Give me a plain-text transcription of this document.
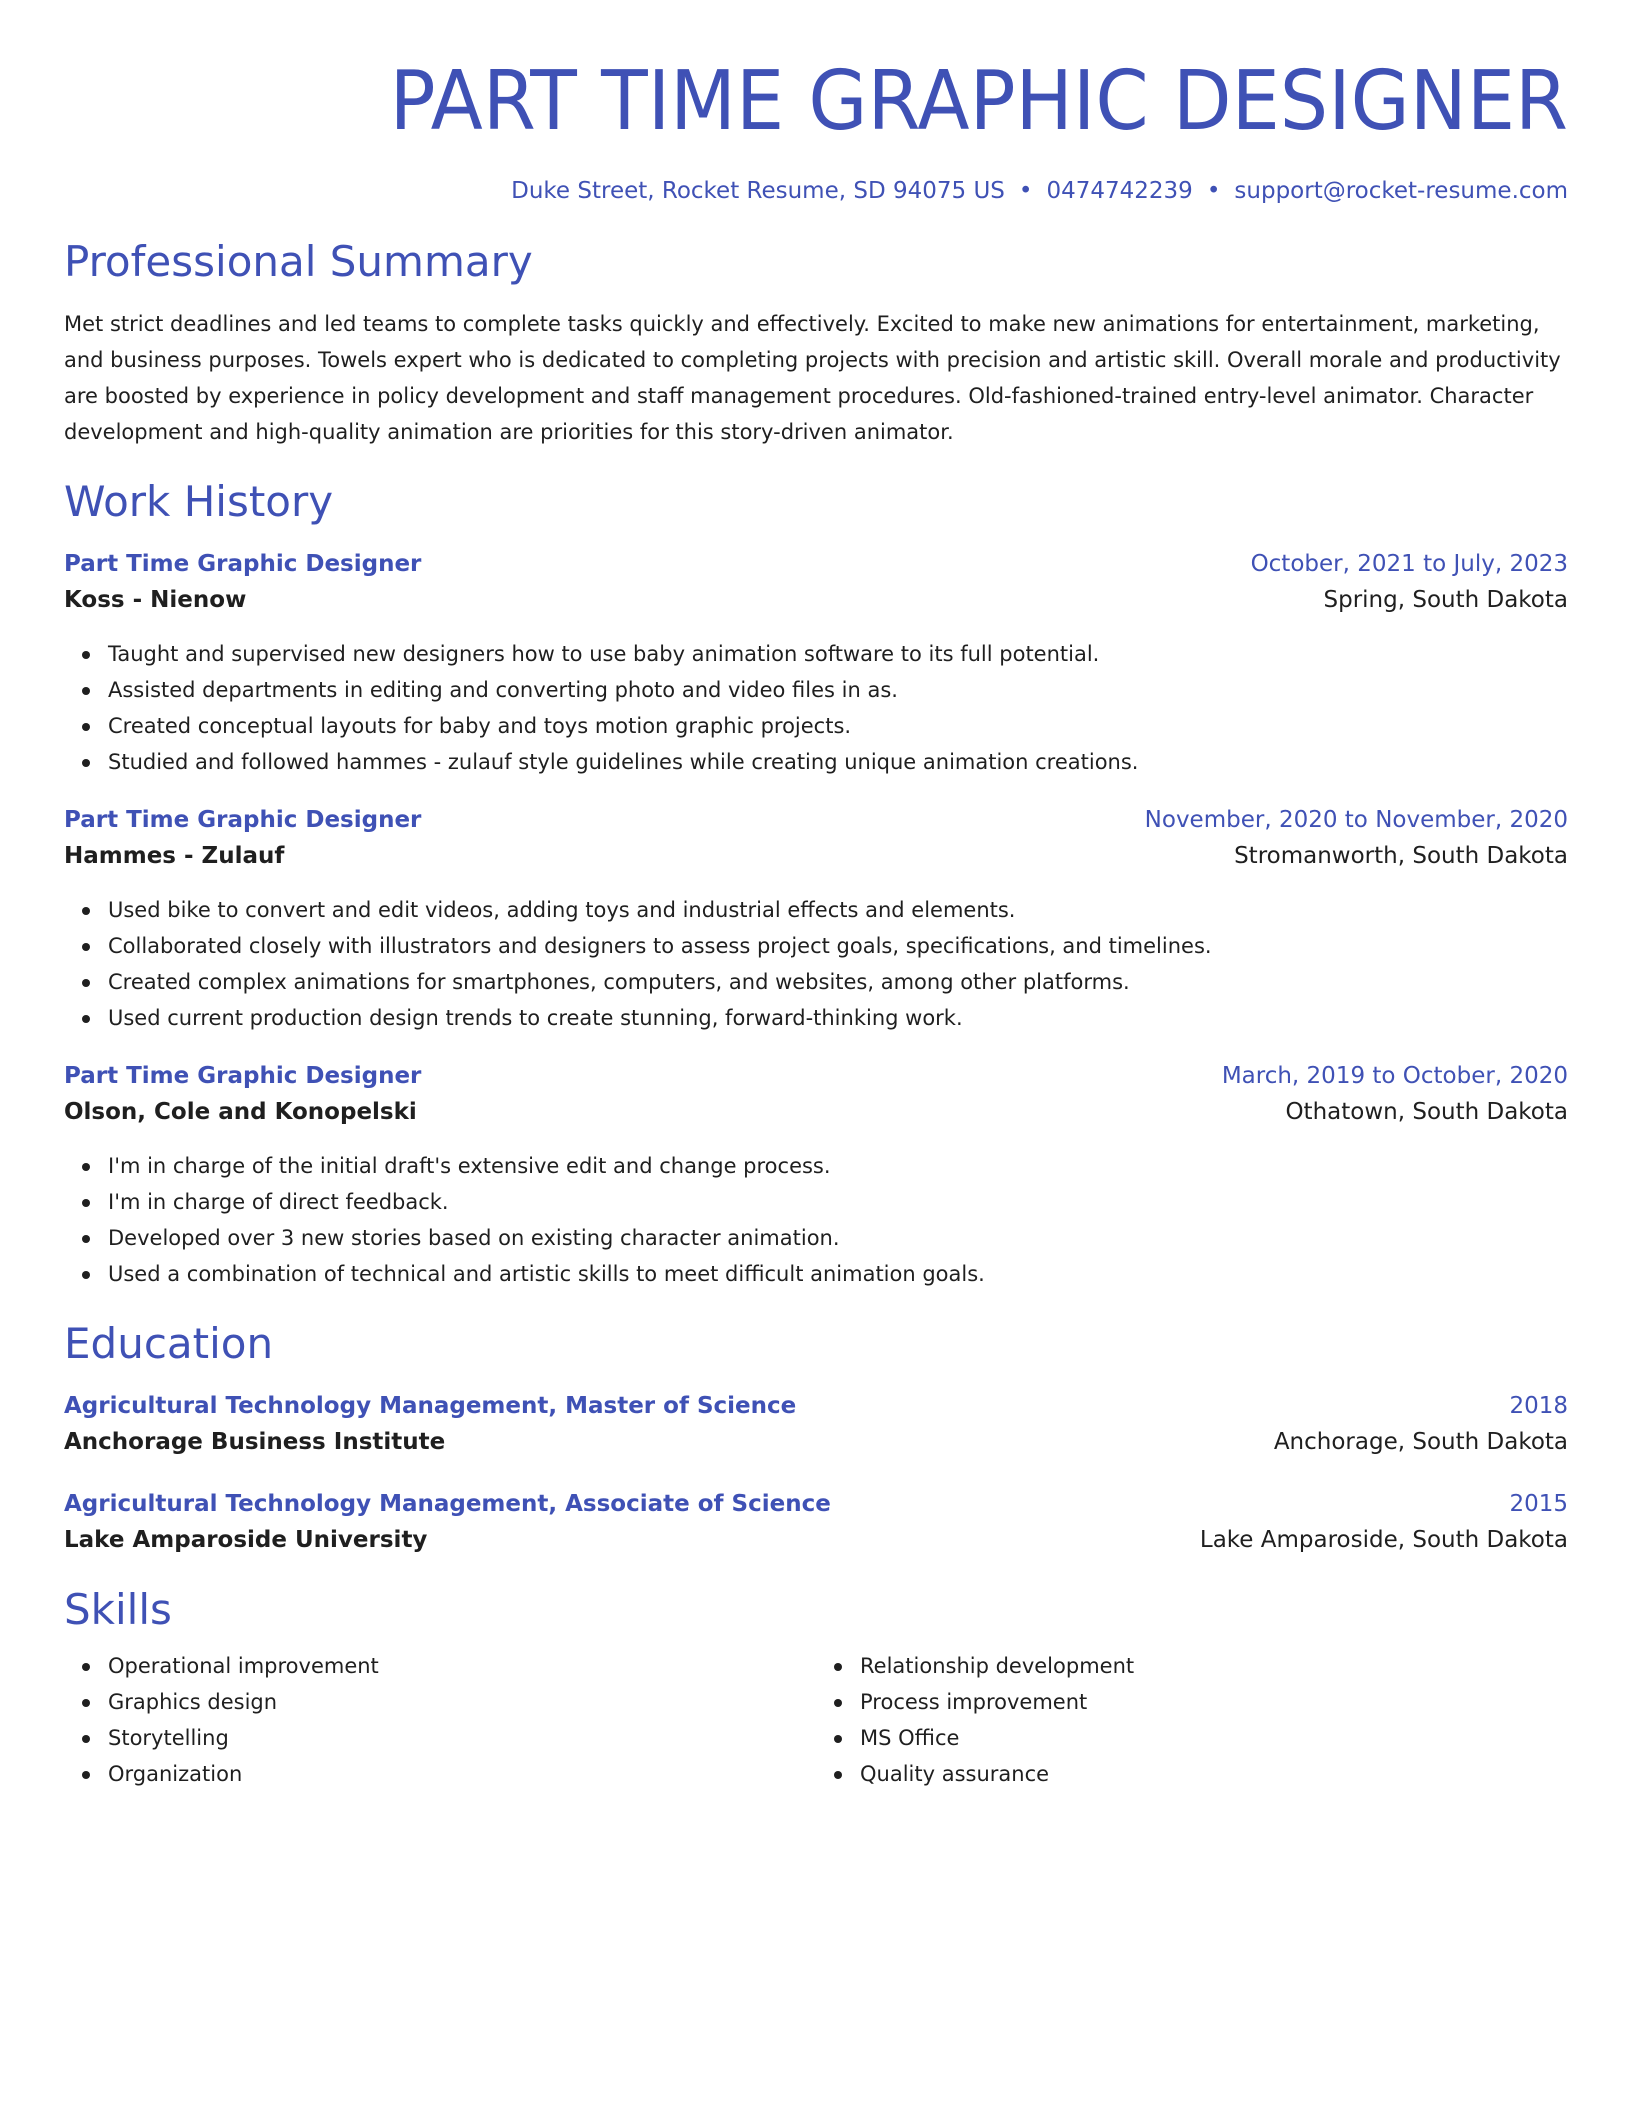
PART TIME GRAPHIC DESIGNER
Duke Street, Rocket Resume, SD 94075 US • 0474742239 • support@rocket-resume.com
Professional Summary
Met strict deadlines and led teams to complete tasks quickly and effectively. Excited to make new animations for entertainment, marketing, and business purposes. Towels expert who is dedicated to completing projects with precision and artistic skill. Overall morale and productivity are boosted by experience in policy development and staff management procedures. Old-fashioned-trained entry-level animator. Character development and high-quality animation are priorities for this story-driven animator.
Work History
Part Time Graphic Designer	October, 2021 to July, 2023
Koss - Nienow	Spring, South Dakota
Taught and supervised new designers how to use baby animation software to its full potential.
Assisted departments in editing and converting photo and video files in as.
Created conceptual layouts for baby and toys motion graphic projects.
Studied and followed hammes - zulauf style guidelines while creating unique animation creations.
Part Time Graphic Designer	November, 2020 to November, 2020
Hammes - Zulauf	Stromanworth, South Dakota
Used bike to convert and edit videos, adding toys and industrial effects and elements.
Collaborated closely with illustrators and designers to assess project goals, specifications, and timelines.
Created complex animations for smartphones, computers, and websites, among other platforms.
Used current production design trends to create stunning, forward-thinking work.
Part Time Graphic Designer	March, 2019 to October, 2020
Olson, Cole and Konopelski	Othatown, South Dakota
I'm in charge of the initial draft's extensive edit and change process.
I'm in charge of direct feedback.
Developed over 3 new stories based on existing character animation.
Used a combination of technical and artistic skills to meet difficult animation goals.
Education
Agricultural Technology Management, Master of Science	2018
Anchorage Business Institute	Anchorage, South Dakota
Agricultural Technology Management, Associate of Science	2015
Lake Amparoside University	Lake Amparoside, South Dakota
Skills
Operational improvement
Graphics design
Storytelling
Organization
Relationship development
Process improvement
MS Office
Quality assurance
